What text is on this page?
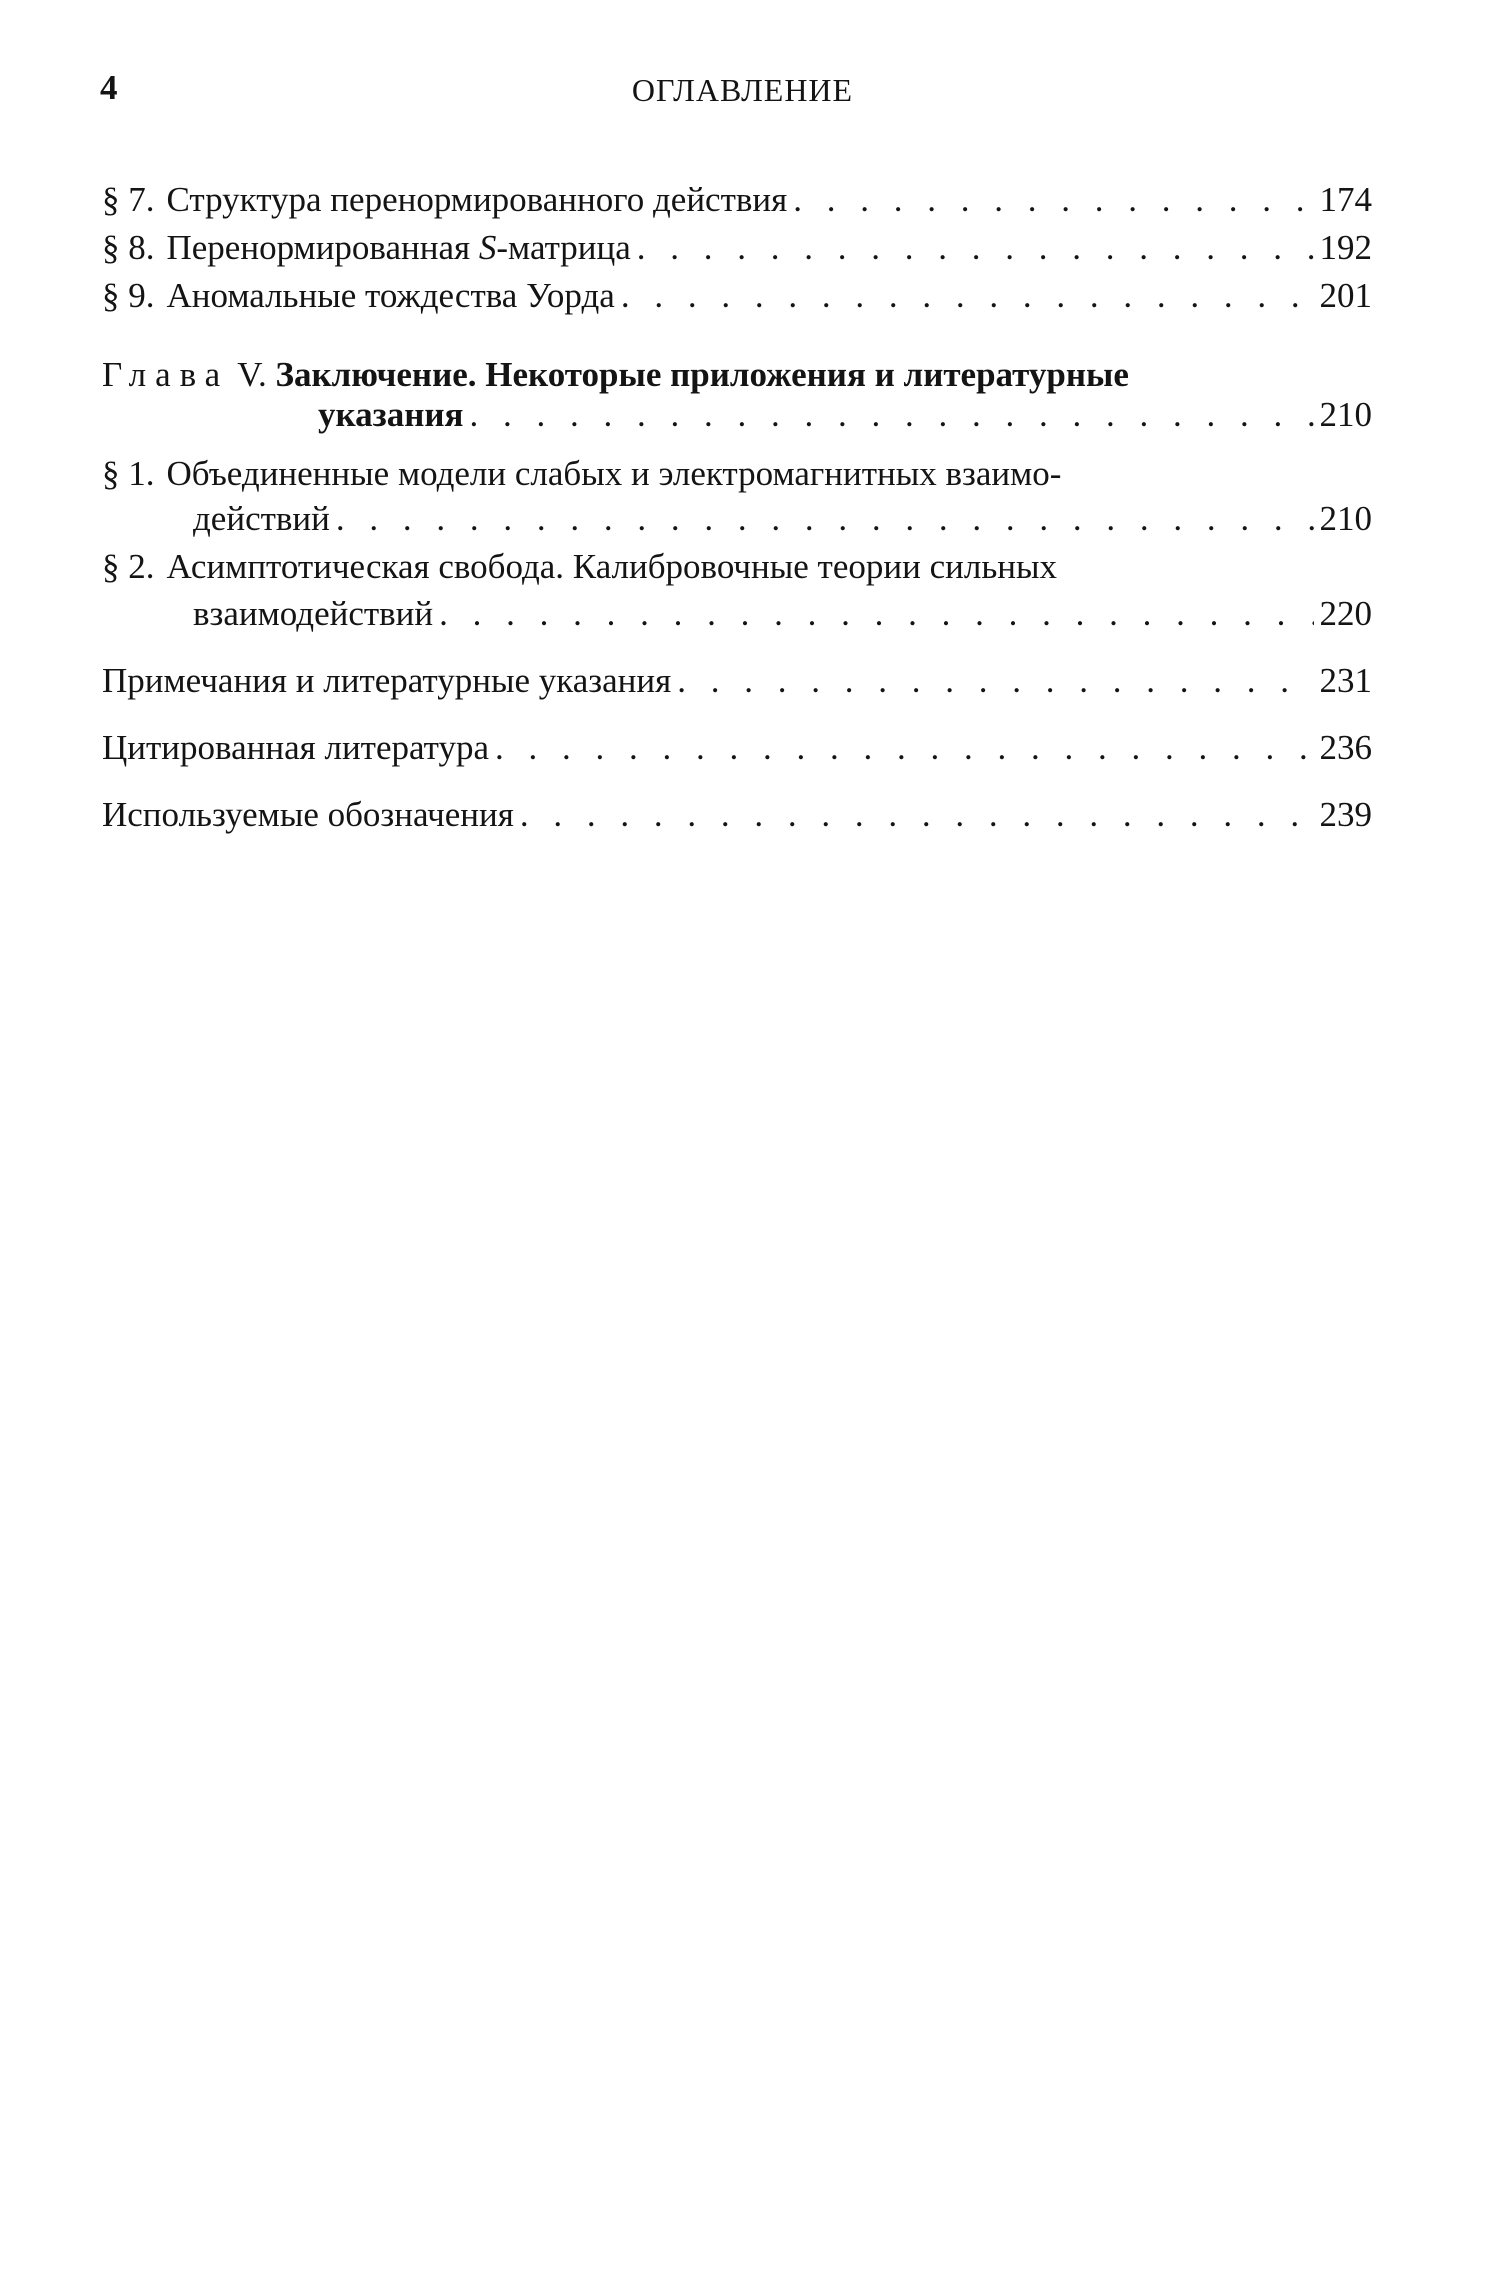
4	ОГЛАВЛЕНИЕ
§ 7. Структура перенормированного действия . . .	174
§ 8. Перенормированная S-матрица . . .	192
§ 9. Аномальные тождества Уорда . . .	201
Глава V. Заключение. Некоторые приложения и литературные
указания . . .	210
§ 1. Объединенные модели слабых и электромагнитных взаимо-
действий . . .	210
§ 2. Асимптотическая свобода. Калибровочные теории сильных
взаимодействий . . .	220
Примечания и литературные указания . . .	231
Цитированная литература . . .	236
Используемые обозначения . . .	239
